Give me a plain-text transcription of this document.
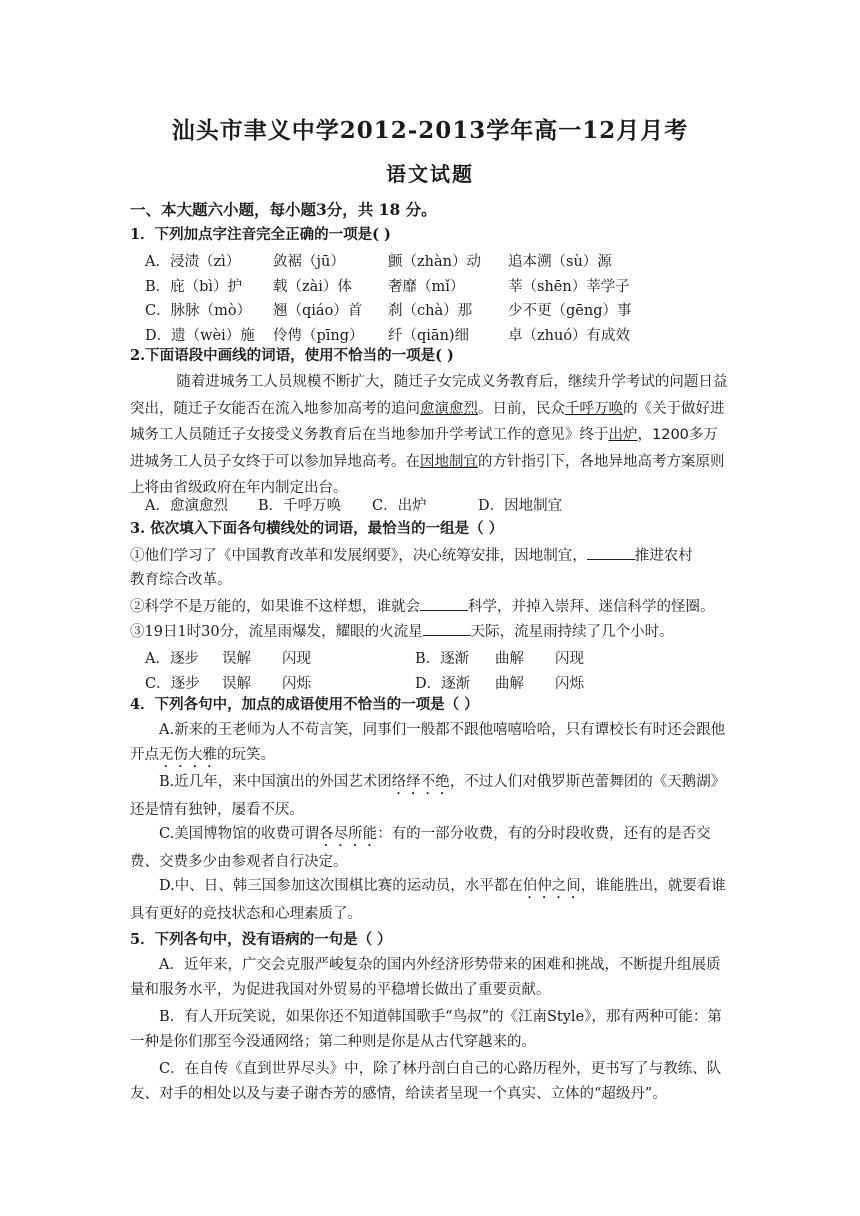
汕头市聿义中学2012-2013学年高一12月月考
语文试题
一、本大题六小题，每小题3分，共 18 分。
1．下列加点字注音完全正确的一项是( )
A．浸渍（zì） 敛裾（jū）	颤（zhàn）动 追本溯（sù）源
B．庇（bì）护 载（zài）体 奢靡（mǐ）	莘（shēn）莘学子
C．脉脉（mò） 翘（qiáo）首 刹（chà）那 少不更（gēng）事
D．遗（wèi）施 伶俜（pīng） 纤（qiān)细	卓（zhuó）有成效
2.下面语段中画线的词语，使用不恰当的一项是( )
随着进城务工人员规模不断扩大，随迁子女完成义务教育后，继续升学考试的问题日益突出，随迁子女能否在流入地参加高考的追问愈演愈烈。日前，民众千呼万唤的《关于做好进城务工人员随迁子女接受义务教育后在当地参加升学考试工作的意见》终于出炉，1200多万进城务工人员子女终于可以参加异地高考。在因地制宜的方针指引下，各地异地高考方案原则上将由省级政府在年内制定出台。
A．愈演愈烈 B．千呼万唤 C．出炉	D．因地制宜
3. 依次填入下面各句横线处的词语，最恰当的一组是（ ）
①他们学习了《中国教育改革和发展纲要》，决心统筹安排，因地制宜，	推进农村
教育综合改革。
②科学不是万能的，如果谁不这样想，谁就会	科学，并掉入崇拜、迷信科学的怪圈。
③19日1时30分，流星雨爆发，耀眼的火流星	天际，流星雨持续了几个小时。
A．逐步 误解 闪现	B．逐渐 曲解 闪现
C．逐步 误解 闪烁	D．逐渐 曲解 闪烁
4．下列各句中，加点的成语使用不恰当的一项是（ ）

A.新来的王老师为人不苟言笑，同事们一般都不跟他嘻嘻哈哈，只有谭校长有时还会跟他开点无伤大雅的玩笑。

B.近几年，来中国演出的外国艺术团络绎不绝，不过人们对俄罗斯芭蕾舞团的《天鹅湖》还是情有独钟，屡看不厌。

C.美国博物馆的收费可谓各尽所能：有的一部分收费，有的分时段收费，还有的是否交费、交费多少由参观者自行决定。

D.中、日、韩三国参加这次围棋比赛的运动员，水平都在伯仲之间，谁能胜出，就要看谁具有更好的竞技状态和心理素质了。

5．下列各句中，没有语病的一句是（ ）

A．近年来，广交会克服严峻复杂的国内外经济形势带来的困难和挑战，不断提升组展质量和服务水平，为促进我国对外贸易的平稳增长做出了重要贡献。

B．有人开玩笑说，如果你还不知道韩国歌手“鸟叔”的《江南Style》，那有两种可能：第一种是你们那至今没通网络；第二种则是你是从古代穿越来的。

C．在自传《直到世界尽头》中，除了林丹剖白自己的心路历程外，更书写了与教练、队友、对手的相处以及与妻子谢杏芳的感情，给读者呈现一个真实、立体的“超级丹”。
